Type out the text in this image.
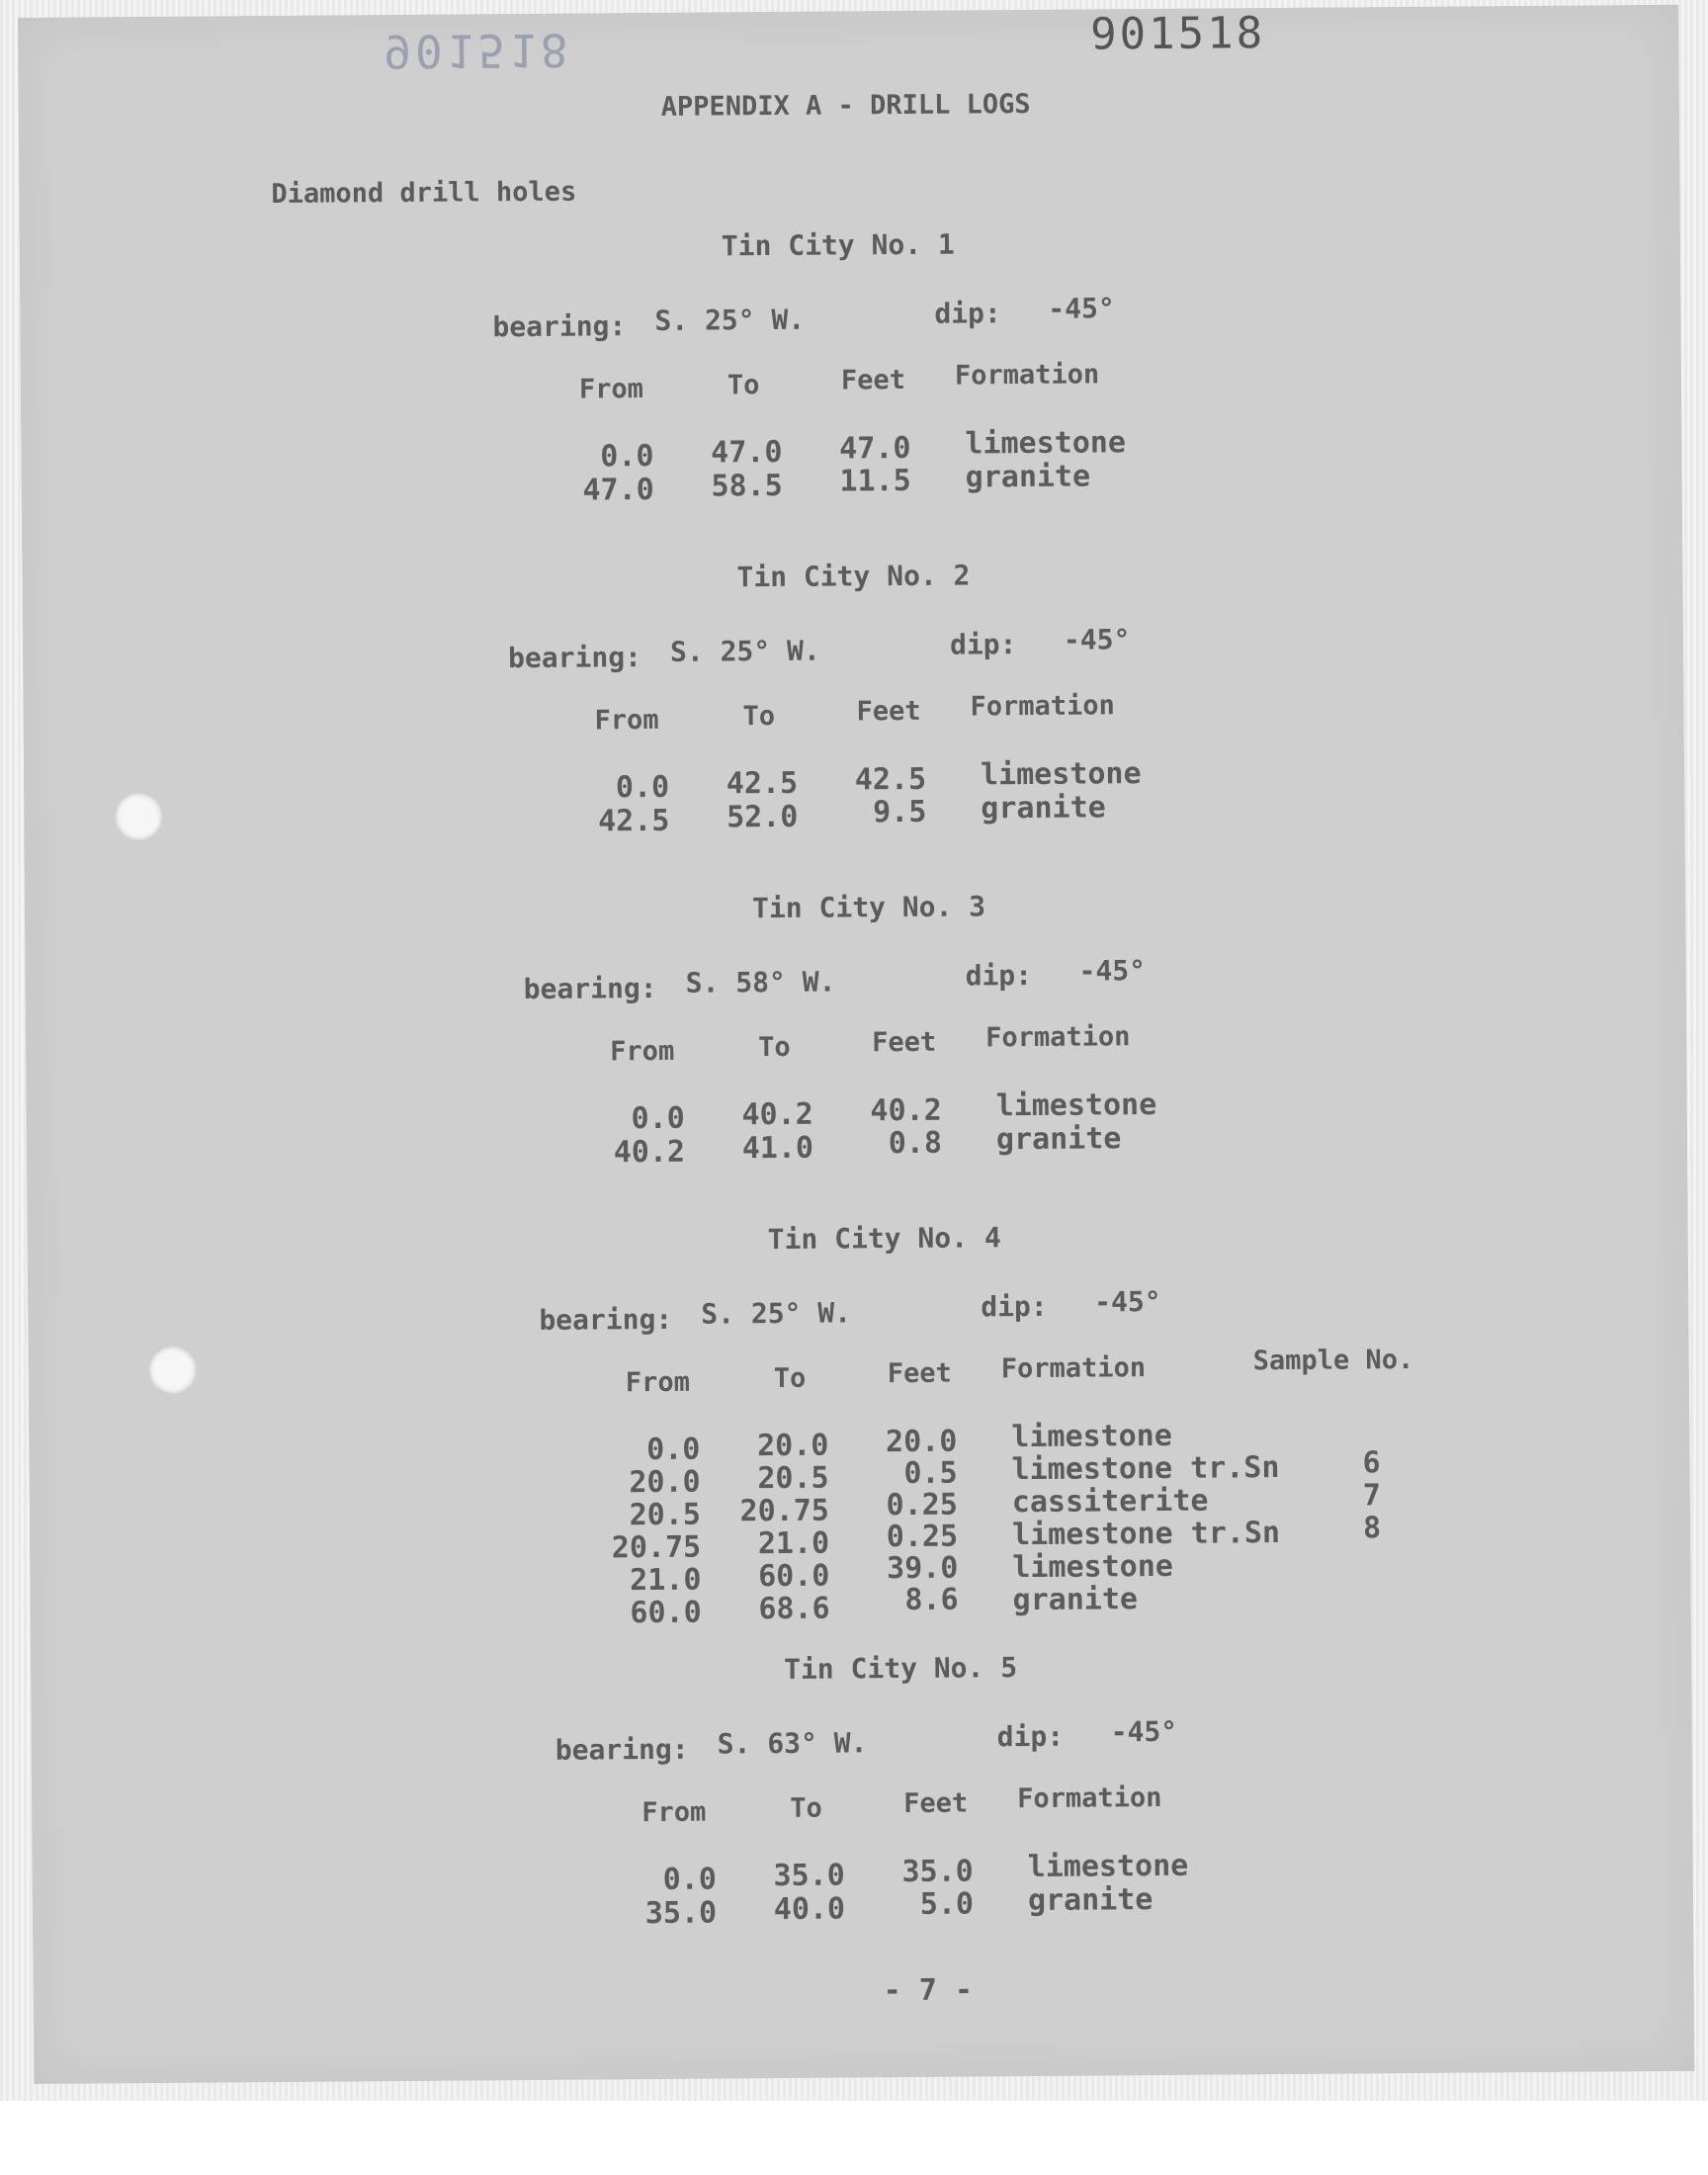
901518	901518
APPENDIX A - DRILL LOGS
Diamond drill holes
Tin City No. 1
bearing: S. 25° W.	dip: -45°
From	To	Feet Formation
0.0	47.0	47.0 limestone
47.0	58.5	11.5 granite
Tin City No. 2
bearing: S. 25° W.	dip: -45°
From	To	Feet Formation
0.0	42.5	42.5 limestone
42.5	52.0	9.5 granite
Tin City No. 3
bearing: S. 58° W.	dip: -45°
From	To	Feet Formation
0.0	40.2	40.2 limestone
40.2	41.0	0.8 granite
Tin City No. 4
bearing: S. 25° W.	dip: -45°
From	To	Feet Formation	Sample No.
0.0	20.0	20.0 limestone
20.0	20.5	0.5 limestone tr.Sn	6
20.5	20.75	0.25 cassiterite	7
20.75	21.0	0.25 limestone tr.Sn	8
21.0	60.0	39.0 limestone
60.0	68.6	8.6 granite
Tin City No. 5
bearing: S. 63° W.	dip: -45°
From	To	Feet Formation
0.0	35.0	35.0 limestone
35.0	40.0	5.0 granite
- 7 -
